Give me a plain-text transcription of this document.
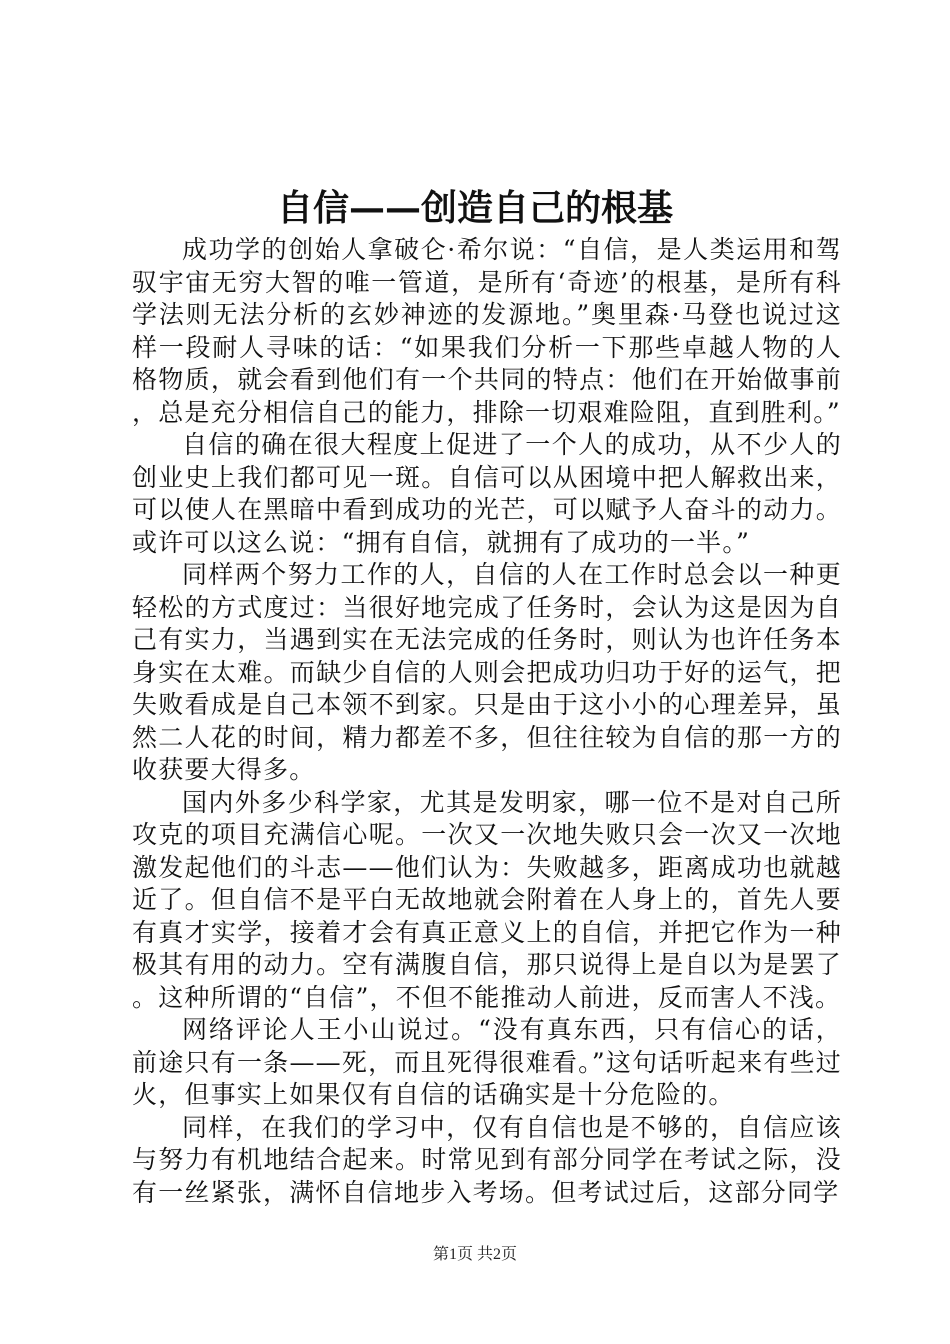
自信——创造自己的根基

成功学的创始人拿破仑·希尔说：“自信，是人类运用和驾驭宇宙无穷大智的唯一管道，是所有‘奇迹’的根基，是所有科学法则无法分析的玄妙神迹的发源地。”奥里森·马登也说过这样一段耐人寻味的话：“如果我们分析一下那些卓越人物的人格物质，就会看到他们有一个共同的特点：他们在开始做事前，总是充分相信自己的能力，排除一切艰难险阻，直到胜利。”

自信的确在很大程度上促进了一个人的成功，从不少人的创业史上我们都可见一斑。自信可以从困境中把人解救出来，可以使人在黑暗中看到成功的光芒，可以赋予人奋斗的动力。或许可以这么说：“拥有自信，就拥有了成功的一半。”

同样两个努力工作的人，自信的人在工作时总会以一种更轻松的方式度过：当很好地完成了任务时，会认为这是因为自己有实力，当遇到实在无法完成的任务时，则认为也许任务本身实在太难。而缺少自信的人则会把成功归功于好的运气，把失败看成是自己本领不到家。只是由于这小小的心理差异，虽然二人花的时间，精力都差不多，但往往较为自信的那一方的收获要大得多。

国内外多少科学家，尤其是发明家，哪一位不是对自己所攻克的项目充满信心呢。一次又一次地失败只会一次又一次地激发起他们的斗志——他们认为：失败越多，距离成功也就越近了。但自信不是平白无故地就会附着在人身上的，首先人要有真才实学，接着才会有真正意义上的自信，并把它作为一种极其有用的动力。空有满腹自信，那只说得上是自以为是罢了。这种所谓的“自信”，不但不能推动人前进，反而害人不浅。

网络评论人王小山说过。“没有真东西，只有信心的话，前途只有一条——死，而且死得很难看。”这句话听起来有些过火，但事实上如果仅有自信的话确实是十分危险的。

同样，在我们的学习中，仅有自信也是不够的，自信应该与努力有机地结合起来。时常见到有部分同学在考试之际，没有一丝紧张，满怀自信地步入考场。但考试过后，这部分同学

第1页 共2页
